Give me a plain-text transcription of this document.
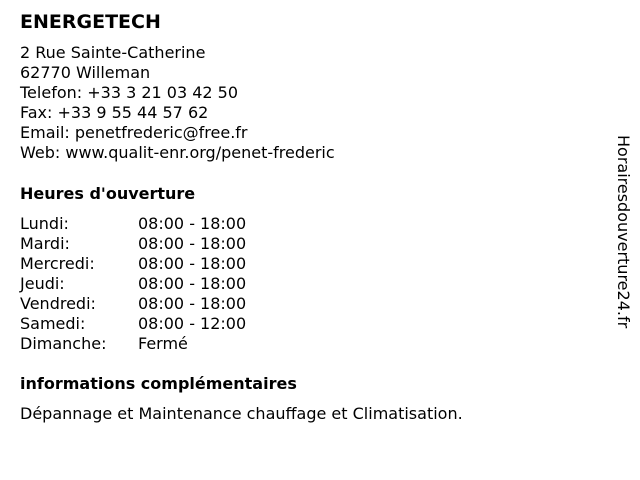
ENERGETECH
2 Rue Sainte-Catherine
62770 Willeman
Telefon: +33 3 21 03 42 50
Fax: +33 9 55 44 57 62
Email: penetfrederic@free.fr
Web: www.qualit-enr.org/penet-frederic
Heures d'ouverture
Lundi:	08:00 - 18:00
Mardi:	08:00 - 18:00
Mercredi:	08:00 - 18:00
Jeudi:	08:00 - 18:00
Vendredi:	08:00 - 18:00
Samedi:	08:00 - 12:00
Dimanche: Fermé
informations complémentaires
Dépannage et Maintenance chauffage et Climatisation.
Horairesdouverture24.fr
